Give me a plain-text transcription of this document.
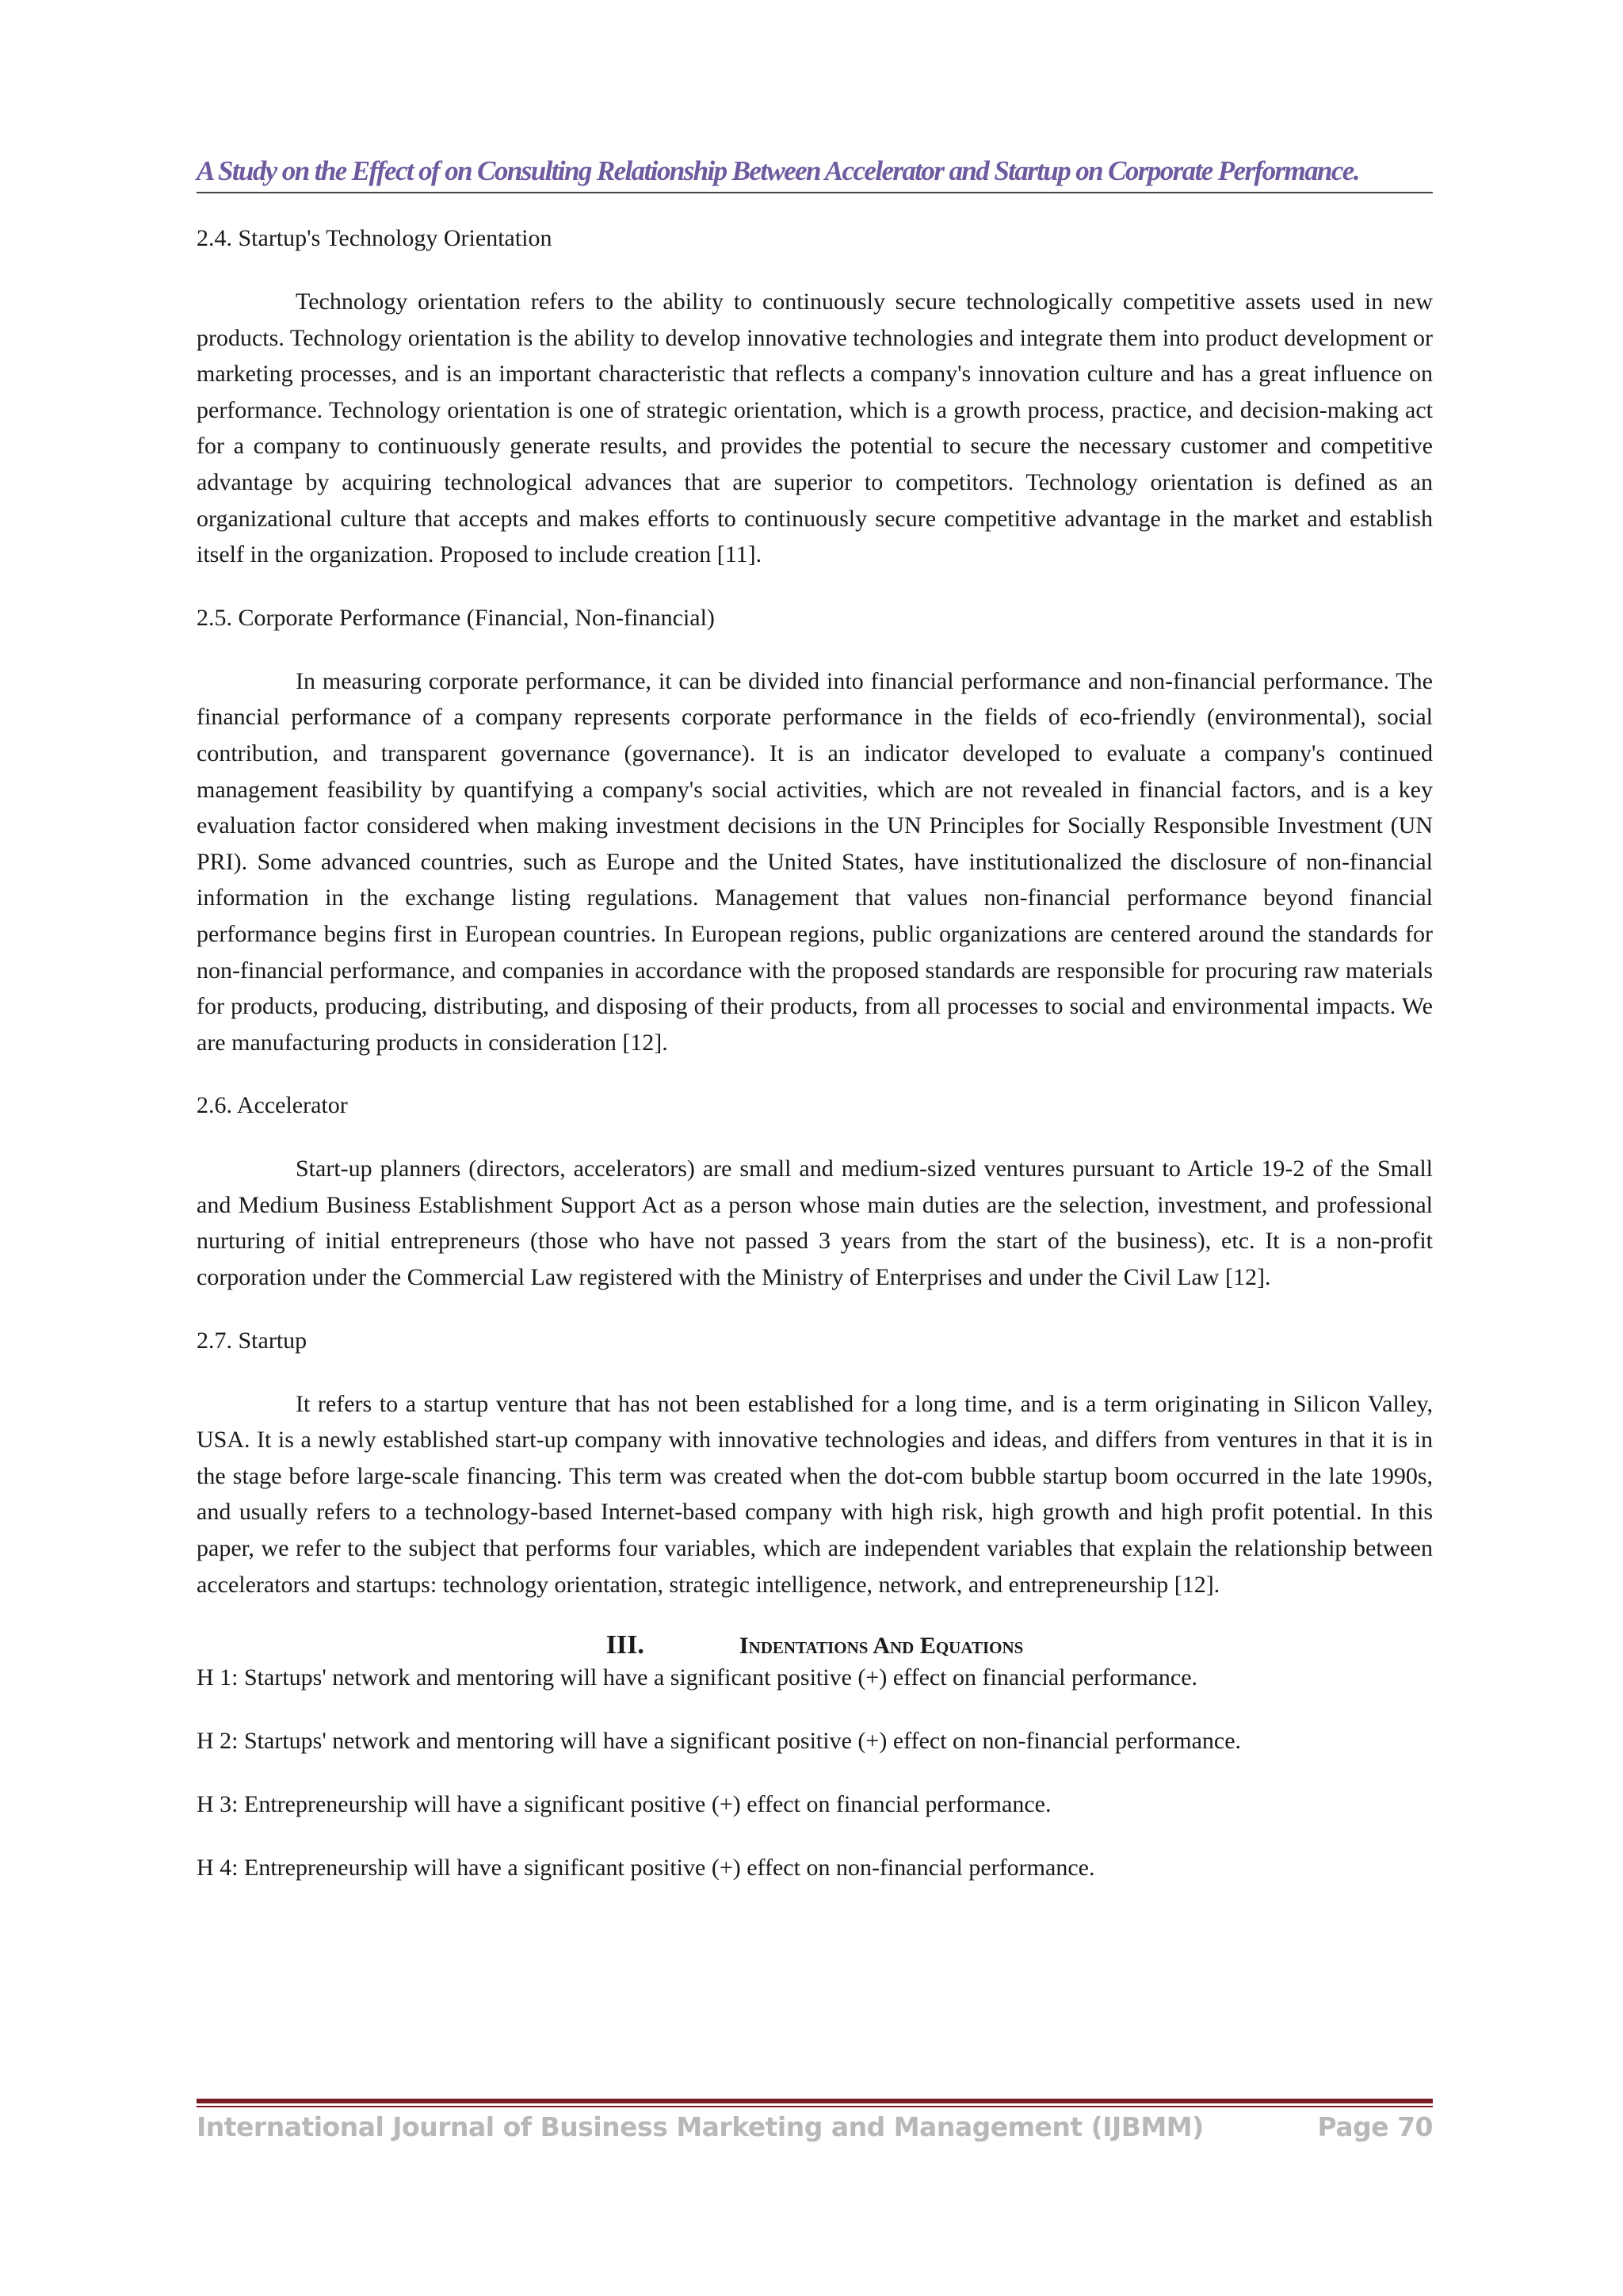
A Study on the Effect of on Consulting Relationship Between Accelerator and Startup on Corporate Performance.
2.4. Startup's Technology Orientation

Technology orientation refers to the ability to continuously secure technologically competitive assets used in new products. Technology orientation is the ability to develop innovative technologies and integrate them into product development or marketing processes, and is an important characteristic that reflects a company's innovation culture and has a great influence on performance. Technology orientation is one of strategic orientation, which is a growth process, practice, and decision-making act for a company to continuously generate results, and provides the potential to secure the necessary customer and competitive advantage by acquiring technological advances that are superior to competitors. Technology orientation is defined as an organizational culture that accepts and makes efforts to continuously secure competitive advantage in the market and establish itself in the organization. Proposed to include creation [11].

2.5. Corporate Performance (Financial, Non-financial)

In measuring corporate performance, it can be divided into financial performance and non-financial performance. The financial performance of a company represents corporate performance in the fields of eco-friendly (environmental), social contribution, and transparent governance (governance). It is an indicator developed to evaluate a company's continued management feasibility by quantifying a company's social activities, which are not revealed in financial factors, and is a key evaluation factor considered when making investment decisions in the UN Principles for Socially Responsible Investment (UN PRI). Some advanced countries, such as Europe and the United States, have institutionalized the disclosure of non-financial information in the exchange listing regulations. Management that values non-financial performance beyond financial performance begins first in European countries. In European regions, public organizations are centered around the standards for non-financial performance, and companies in accordance with the proposed standards are responsible for procuring raw materials for products, producing, distributing, and disposing of their products, from all processes to social and environmental impacts. We are manufacturing products in consideration [12].

2.6. Accelerator

Start-up planners (directors, accelerators) are small and medium-sized ventures pursuant to Article 19-2 of the Small and Medium Business Establishment Support Act as a person whose main duties are the selection, investment, and professional nurturing of initial entrepreneurs (those who have not passed 3 years from the start of the business), etc. It is a non-profit corporation under the Commercial Law registered with the Ministry of Enterprises and under the Civil Law [12].

2.7. Startup

It refers to a startup venture that has not been established for a long time, and is a term originating in Silicon Valley, USA. It is a newly established start-up company with innovative technologies and ideas, and differs from ventures in that it is in the stage before large-scale financing. This term was created when the dot-com bubble startup boom occurred in the late 1990s, and usually refers to a technology-based Internet-based company with high risk, high growth and high profit potential. In this paper, we refer to the subject that performs four variables, which are independent variables that explain the relationship between accelerators and startups: technology orientation, strategic intelligence, network, and entrepreneurship [12].

III.	Indentations And Equations
H 1: Startups' network and mentoring will have a significant positive (+) effect on financial performance.
H 2: Startups' network and mentoring will have a significant positive (+) effect on non-financial performance.
H 3: Entrepreneurship will have a significant positive (+) effect on financial performance.
H 4: Entrepreneurship will have a significant positive (+) effect on non-financial performance.
International Journal of Business Marketing and Management (IJBMM)	Page 70
